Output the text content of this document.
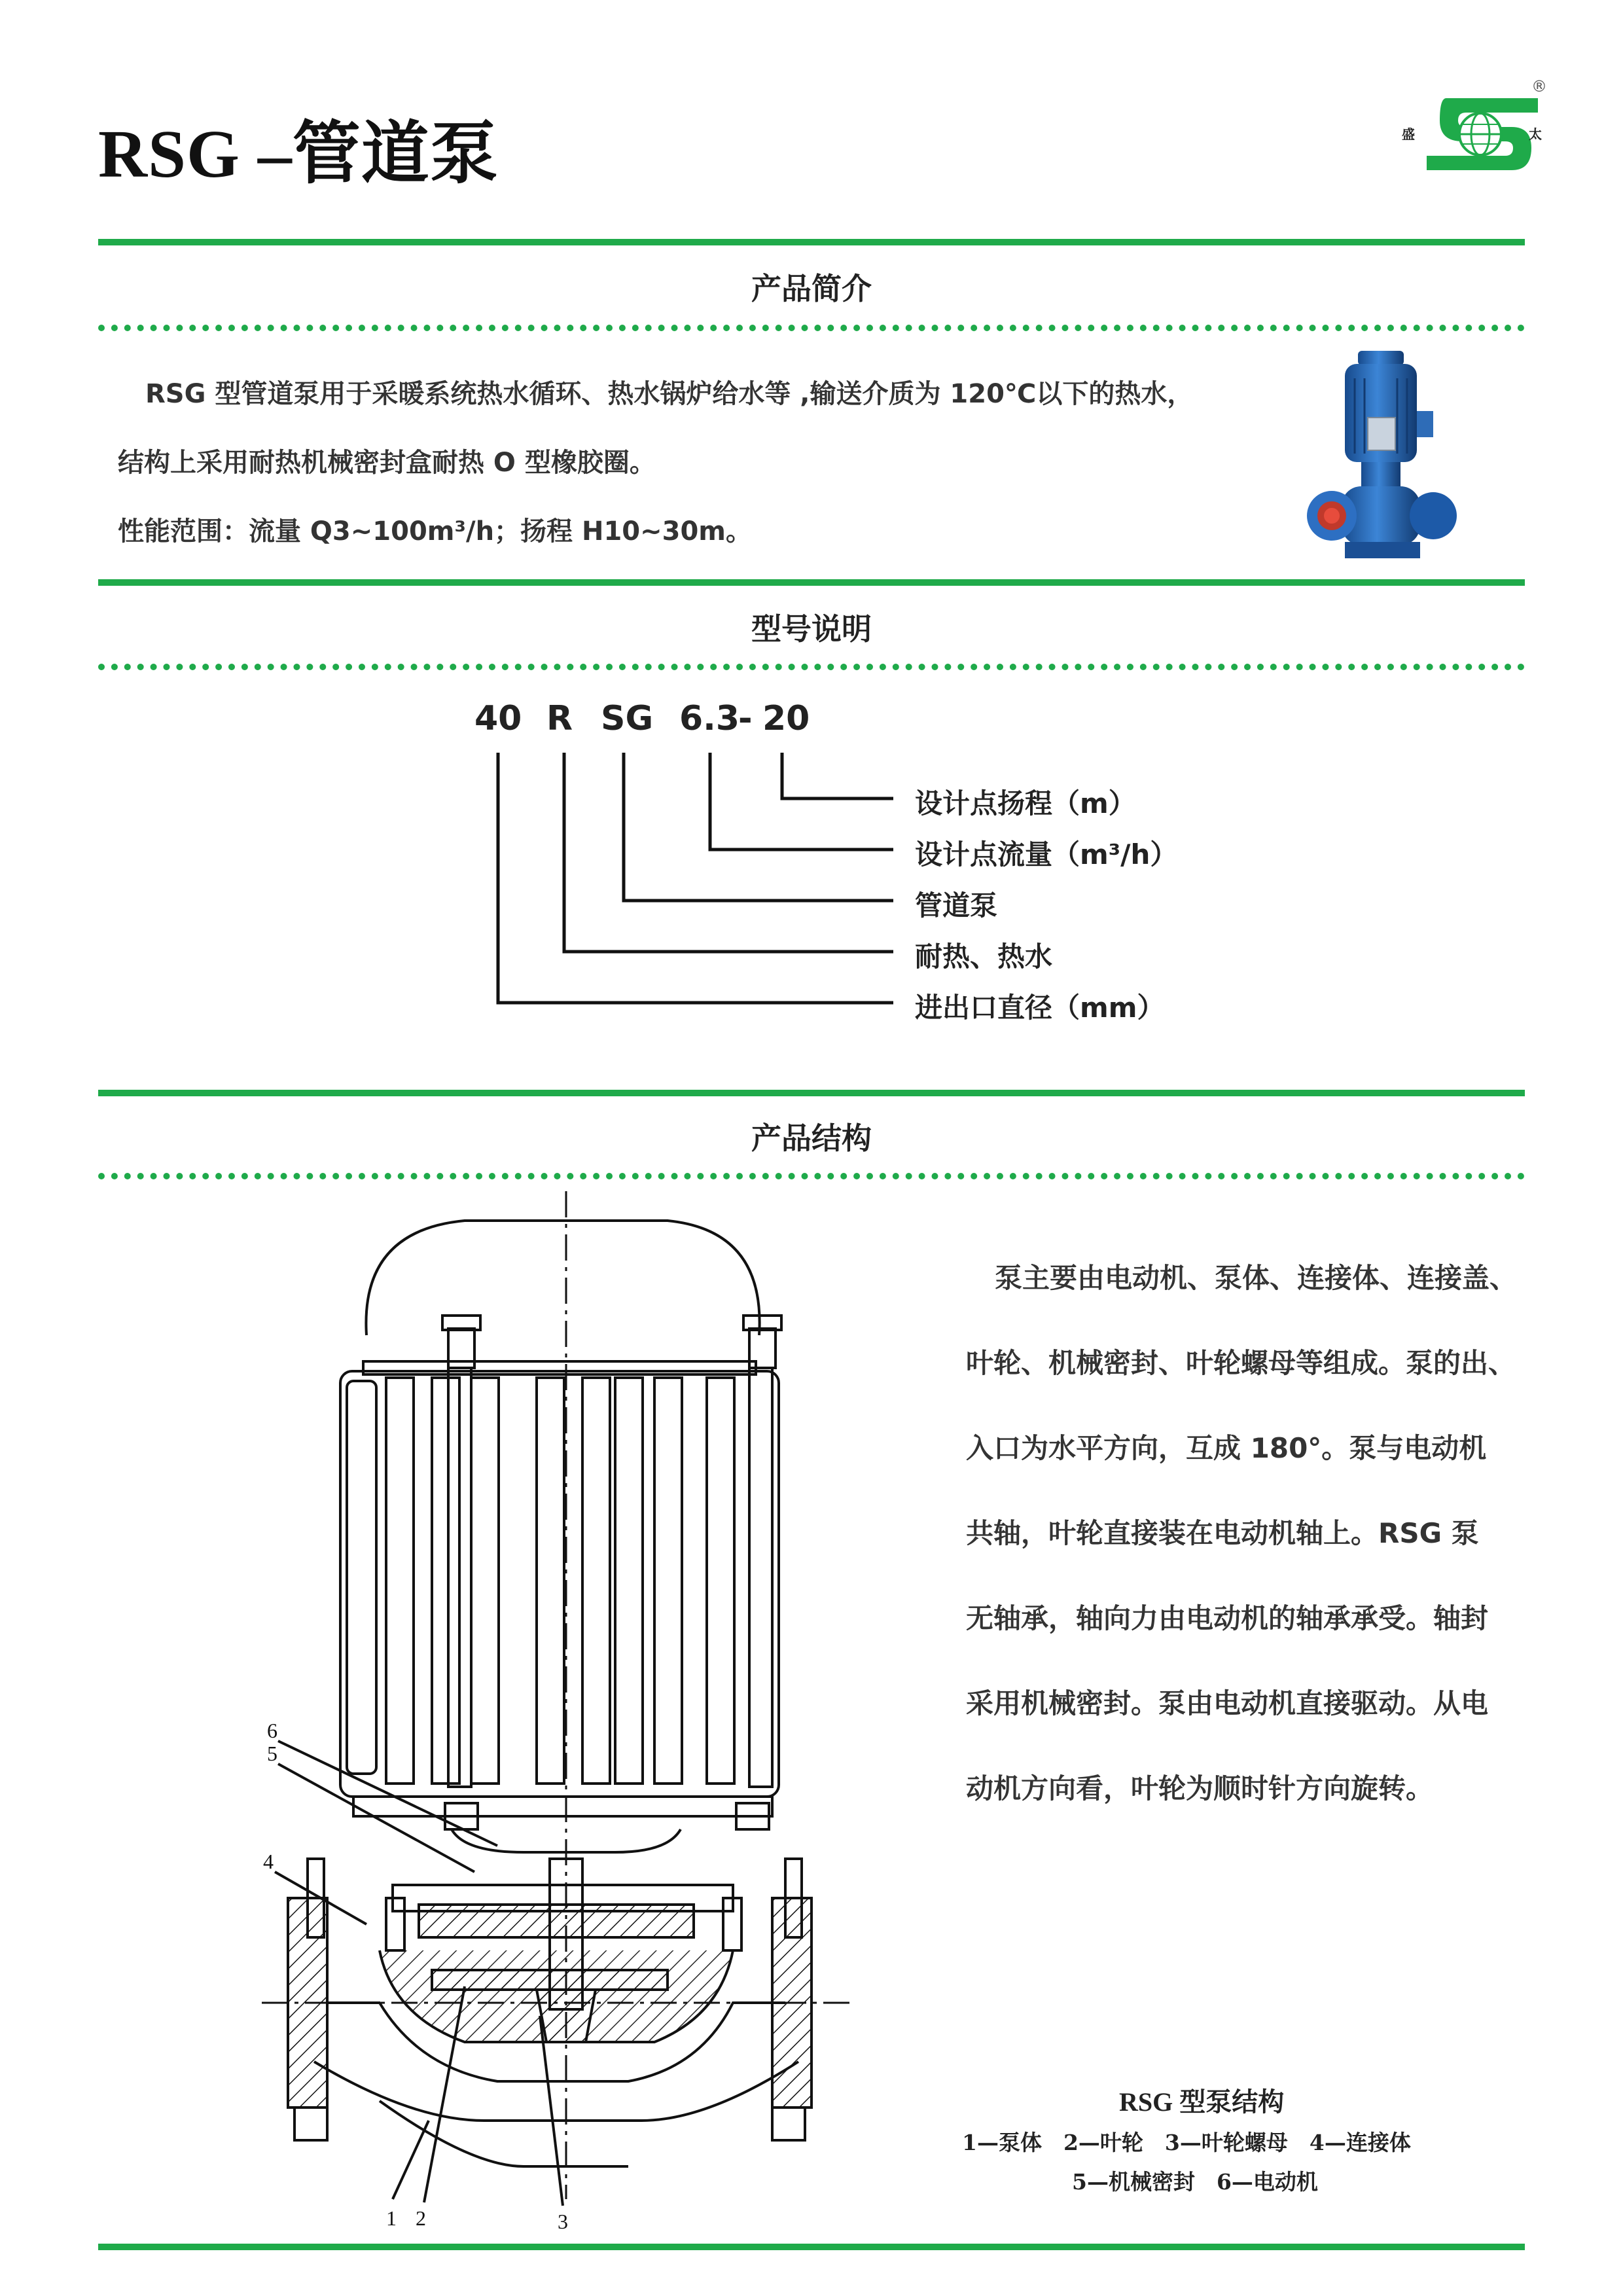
RSG –管道泵	盛	太
®
产品简介
RSG 型管道泵用于采暖系统热水循环、热水锅炉给水等 ,输送介质为 120℃以下的热水，
结构上采用耐热机械密封盒耐热 O 型橡胶圈。
性能范围：流量 Q3~100m³/h；扬程 H10~30m。
型号说明
40 R SG 6.3
- 20
设计点扬程（m）
设计点流量（m³/h）
管道泵
耐热、热水
进出口直径（mm）
产品结构
6
5
4
1 2	3
泵主要由电动机、泵体、连接体、连接盖、
叶轮、机械密封、叶轮螺母等组成。泵的出、
入口为水平方向，互成 180°。泵与电动机
共轴，叶轮直接装在电动机轴上。RSG 泵
无轴承，轴向力由电动机的轴承承受。轴封
采用机械密封。泵由电动机直接驱动。从电
动机方向看，叶轮为顺时针方向旋转。
RSG 型泵结构
1—泵体　2—叶轮　3—叶轮螺母　4—连接体
5—机械密封　6—电动机
